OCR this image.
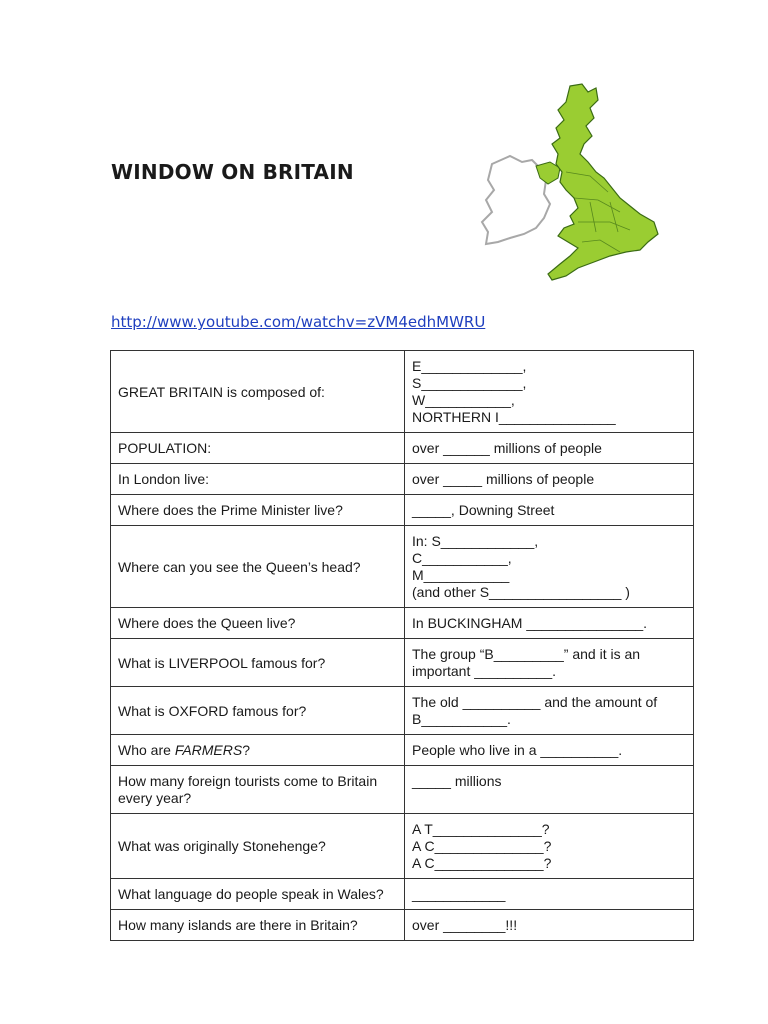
WINDOW ON BRITAIN
http://www.youtube.com/watchv=zVM4edhMWRU
GREAT BRITAIN is composed of:	E_____________,
S_____________,
W___________,
NORTHERN I_______________

POPULATION:	over ______ millions of people

In London live:	over _____ millions of people

Where does the Prime Minister live?	_____, Downing Street

Where can you see the Queen’s head?	In: S____________,
C___________,
M___________
(and other S_________________ )

Where does the Queen live?	In BUCKINGHAM _______________.

What is LIVERPOOL famous for?	The group “B_________” and it is an
important __________.

What is OXFORD famous for?	The old __________ and the amount of
B___________.

Who are FARMERS?	People who live in a __________.

How many foreign tourists come to Britain every year?	_____ millions

What was originally Stonehenge?	A T______________?
A C______________?
A C______________?

What language do people speak in Wales?	____________

How many islands are there in Britain?	over ________!!!
